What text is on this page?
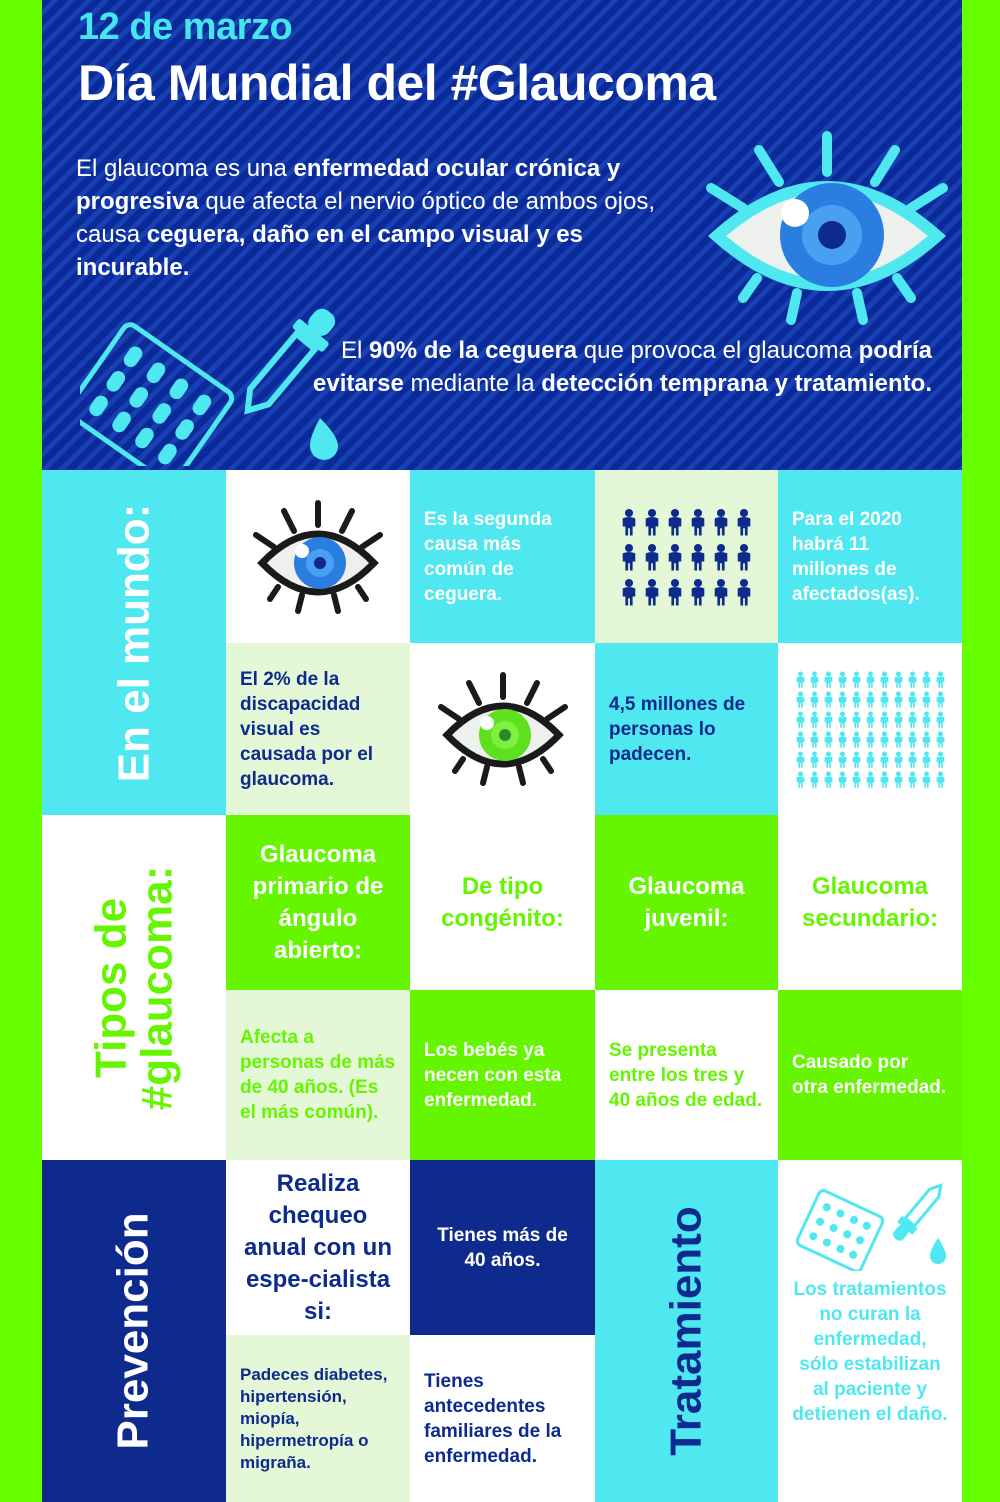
12 de marzo
Día Mundial del #Glaucoma
El glaucoma es una enfermedad ocular crónica y progresiva que afecta el nervio óptico de ambos ojos, causa ceguera, daño en el campo visual y es incurable.
El 90% de la ceguera que provoca el glaucoma podría evitarse mediante la detección temprana y tratamiento.
En el mundo:	Es la segunda causa más común de ceguera.
Para el 2020 habrá 11 millones de afectados(as).
El 2% de la discapacidad visual es causada por el glaucoma.
4,5 millones de personas lo padecen.
Tipos de
#glaucoma:
Glaucoma primario de ángulo abierto:
De tipo congénito:
Glaucoma juvenil:
Glaucoma secundario:
Afecta a personas de más de 40 años. (Es el más común).
Los bebés ya necen con esta enfermedad.
Se presenta entre los tres y 40 años de edad.
Causado por otra enfermedad.
Prevención
Realiza chequeo anual con un espe-cialista si:
Tienes más de 40 años.
Padeces diabetes, hipertensión, miopía, hipermetropía o migraña.
Tienes antecedentes familiares de la enfermedad.
Tratamiento	Los tratamientos no curan la enfermedad, sólo estabilizan al paciente y detienen el daño.
